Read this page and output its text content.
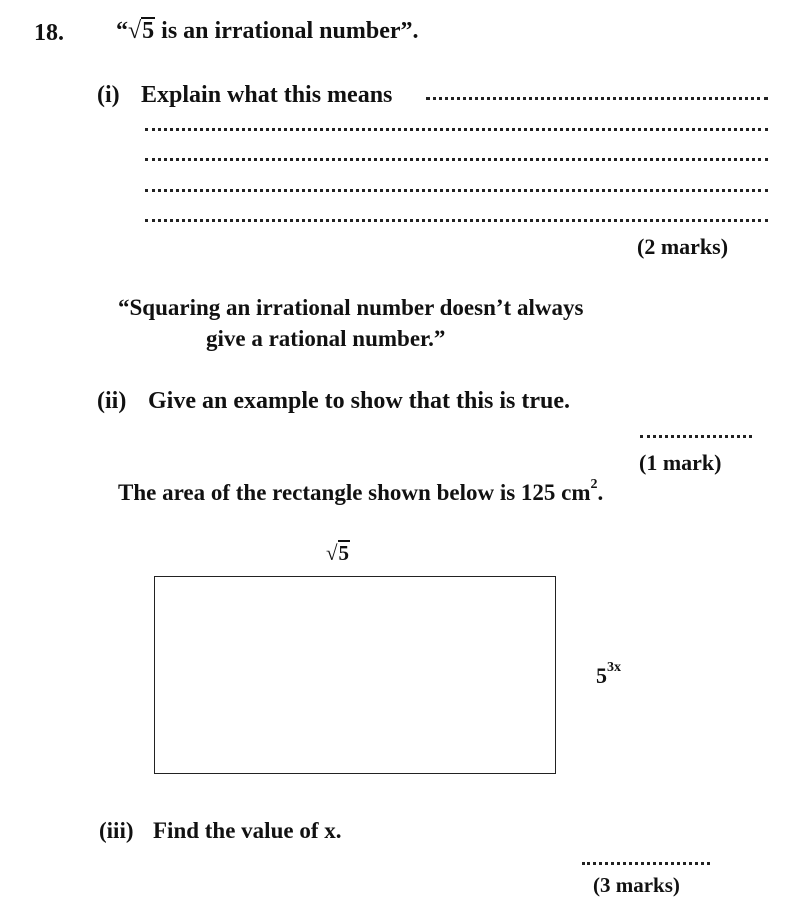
18. “√5 is an irrational number”.
(i) Explain what this means
(2 marks)
“Squaring an irrational number doesn’t always
give a rational number.”
(ii) Give an example to show that this is true.
(1 mark)
The area of the rectangle shown below is 125 $cm^2$.
√5
$5^{3x}$
(iii) Find the value of x.
(3 marks)
